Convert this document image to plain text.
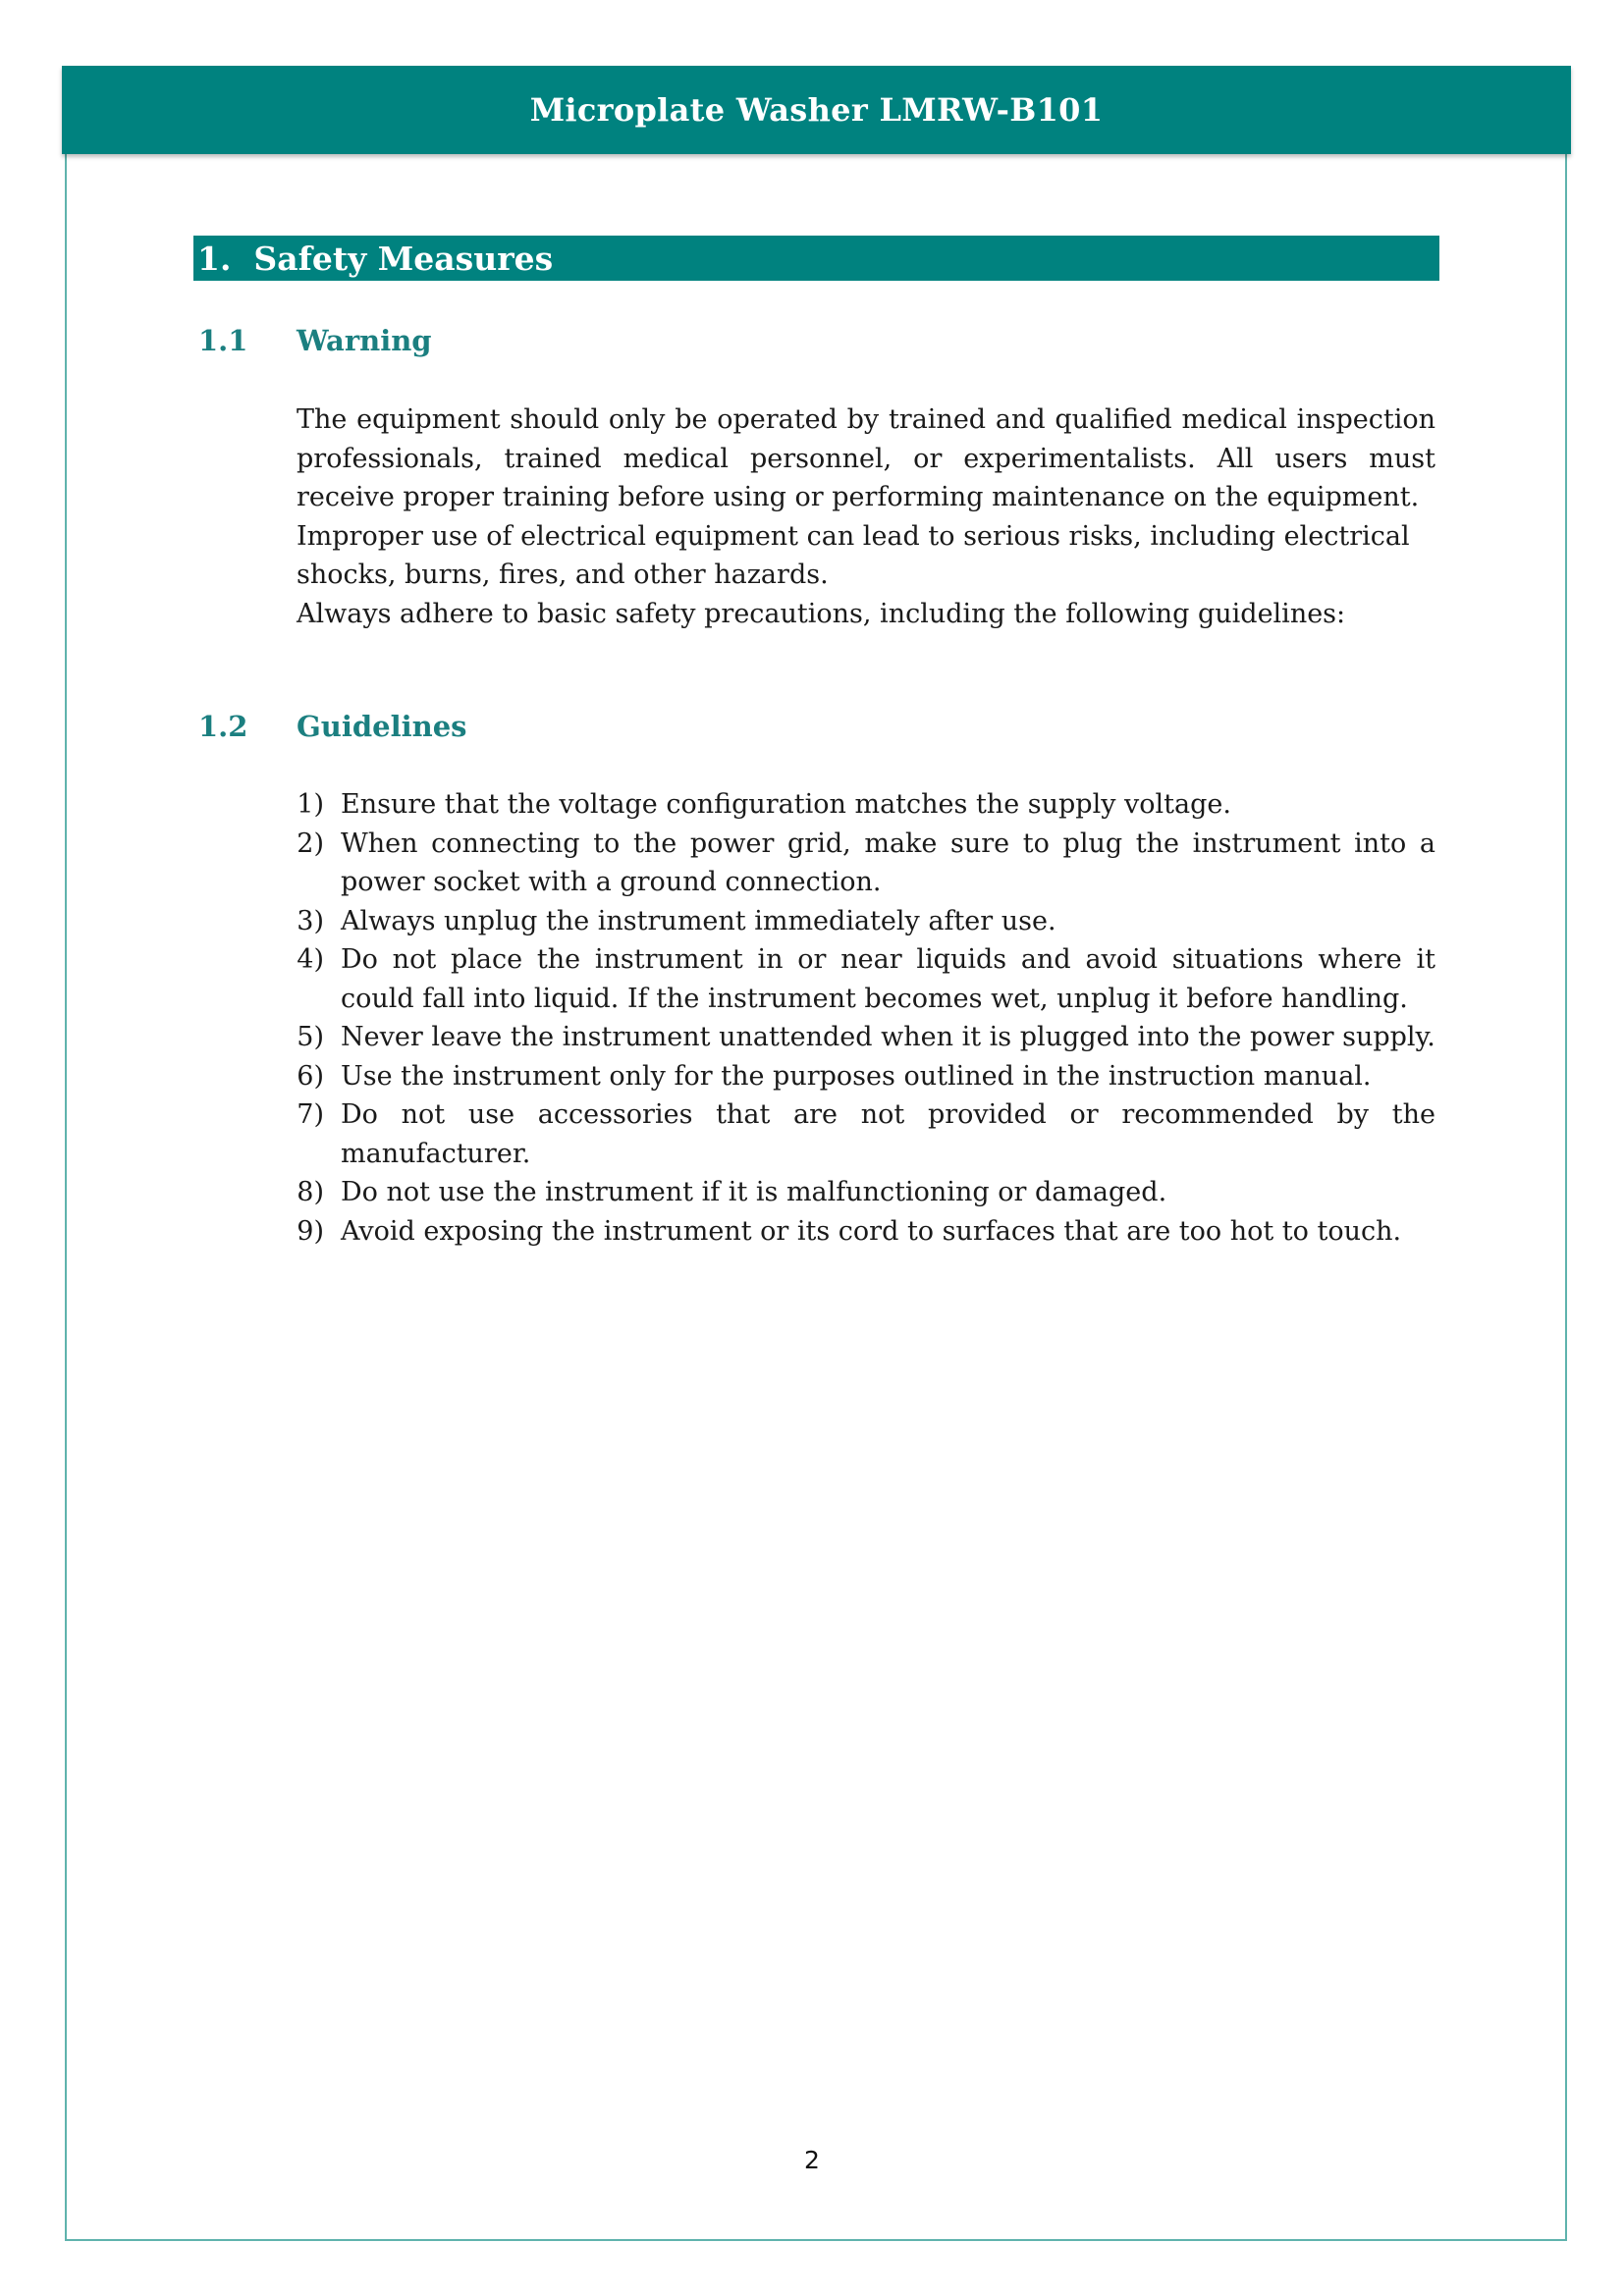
Microplate Washer LMRW-B101
1.  Safety Measures
1.1 Warning

The equipment should only be operated by trained and qualified medical inspection professionals, trained medical personnel, or experimentalists. All users must receive proper training before using or performing maintenance on the equipment.

Improper use of electrical equipment can lead to serious risks, including electrical shocks, burns, fires, and other hazards.

Always adhere to basic safety precautions, including the following guidelines:

1.2 Guidelines
1) Ensure that the voltage configuration matches the supply voltage.
2) When connecting to the power grid, make sure to plug the instrument into a power socket with a ground connection.
3) Always unplug the instrument immediately after use.
4) Do not place the instrument in or near liquids and avoid situations where it could fall into liquid. If the instrument becomes wet, unplug it before handling.
5) Never leave the instrument unattended when it is plugged into the power supply.
6) Use the instrument only for the purposes outlined in the instruction manual.
7) Do not use accessories that are not provided or recommended by the manufacturer.
8) Do not use the instrument if it is malfunctioning or damaged.
9) Avoid exposing the instrument or its cord to surfaces that are too hot to touch.
2
